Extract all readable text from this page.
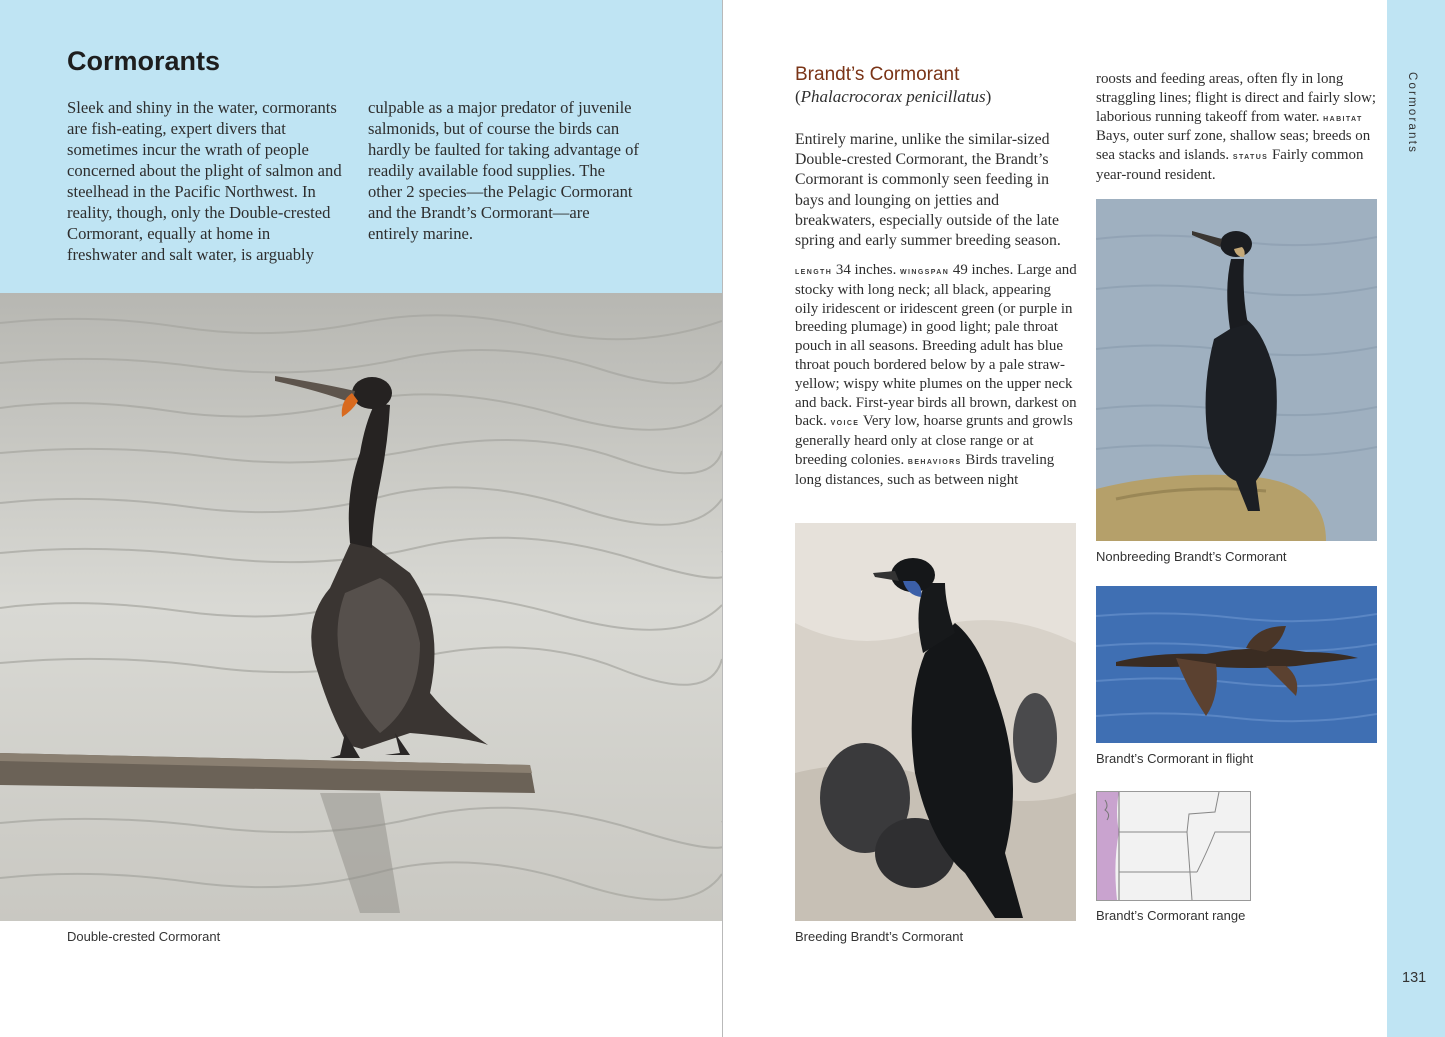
Cormorants

Sleek and shiny in the water, cormorants are fish-eating, expert divers that sometimes incur the wrath of people concerned about the plight of salmon and steelhead in the Pacific Northwest. In reality, though, only the Double-crested Cormorant, equally at home in freshwater and salt water, is arguably

culpable as a major predator of juvenile salmonids, but of course the birds can hardly be faulted for taking advantage of readily available food supplies. The other 2 species—the Pelagic Cormorant and the Brandt’s Cormorant—are entirely marine.

Double-crested Cormorant
Brandt’s Cormorant
(Phalacrocorax penicillatus)

Entirely marine, unlike the similar-sized Double-crested Cormorant, the Brandt’s Cormorant is commonly seen feeding in bays and lounging on jetties and breakwaters, especially outside of the late spring and early summer breeding season.

length 34 inches. wingspan 49 inches. Large and stocky with long neck; all black, appearing oily iridescent or iridescent green (or purple in breeding plumage) in good light; pale throat pouch in all seasons. Breeding adult has blue throat pouch bordered below by a pale straw-yellow; wispy white plumes on the upper neck and back. First-year birds all brown, darkest on back. voice Very low, hoarse grunts and growls generally heard only at close range or at breeding colonies. behaviors Birds traveling long distances, such as between night

roosts and feeding areas, often fly in long straggling lines; flight is direct and fairly slow; laborious running takeoff from water. habitat Bays, outer surf zone, shallow seas; breeds on sea stacks and islands. status Fairly common year-round resident.

Breeding Brandt’s Cormorant
Nonbreeding Brandt’s Cormorant
Brandt’s Cormorant in flight
Brandt’s Cormorant range
Cormorants
131
